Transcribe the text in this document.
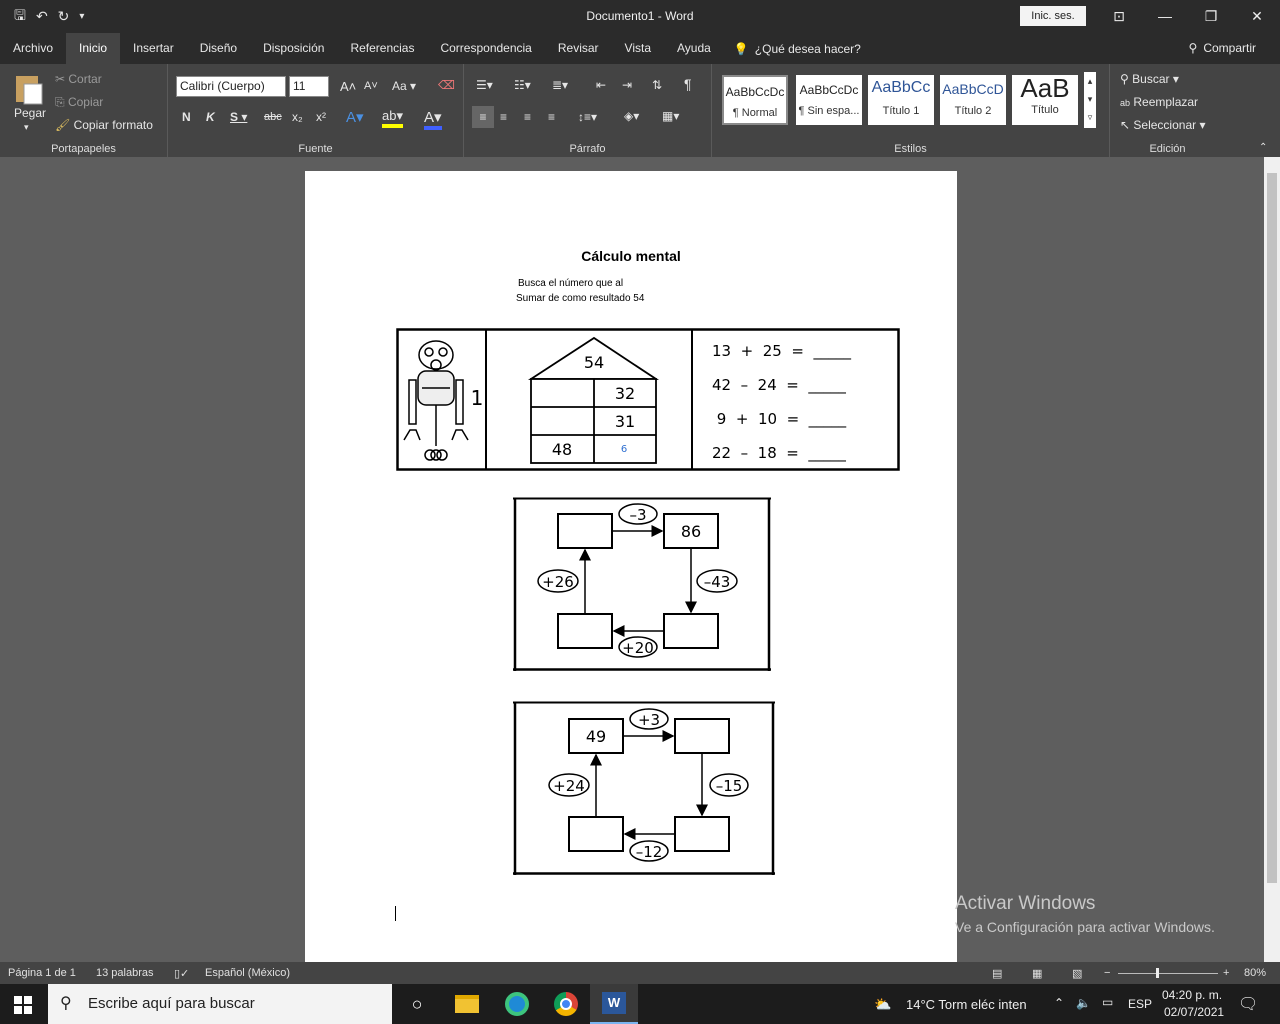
🖫 ↶ ↻ ▾	Documento1 - Word	Inic. ses.	⊡	—	❐	✕
Archivo	Inicio	Insertar	Diseño	Disposición	Referencias	Correspondencia	Revisar	Vista	Ayuda	💡 ¿Qué desea hacer?	⚲ Compartir
Pegar
▾
✂ Cortar
⎘ Copiar
🖌 Copiar formato
Portapapeles
Calibri (Cuerpo)	11	A˄ A˅ Aa ▾ ⌫
N K S ▾ abc x₂ x² A▾ ab▾ A▾
Fuente
☰▾ ☷▾ ≣▾ ⇤ ⇥ ⇅ ¶
≡	≡ ≡ ≡ ↕≡▾ ◈▾ ▦▾
Párrafo
AaBbCcDc
¶ Normal
AaBbCcDc
¶ Sin espa...
AaBbCc
Título 1
AaBbCcD
Título 2
AaB
Título
▴
▾
▿
Estilos
⚲ Buscar ▾
ab Reemplazar
↖ Seleccionar ▾
Edición	⌃
Cálculo mental
Busca el número que al
Sumar de como resultado 54
1
54
32
31
48	6
13  +  25  =  _____
42  –  24  =  _____
9  +  10  =  _____
22  –  18  =  _____
86
–3
–43
+20
+26
49
+3
–15
–12
+24
Activar Windows
Ve a Configuración para activar Windows.
Página 1 de 1 13 palabras ▯✓ Español (México)	▤	▦	▧ −	+ 80%
⚲ Escribe aquí para buscar	○	W	⛅ 14°C Torm eléc inten ⌃ 🔈 ▭ ESP
04:20 p. m.
02/07/2021 🗨
